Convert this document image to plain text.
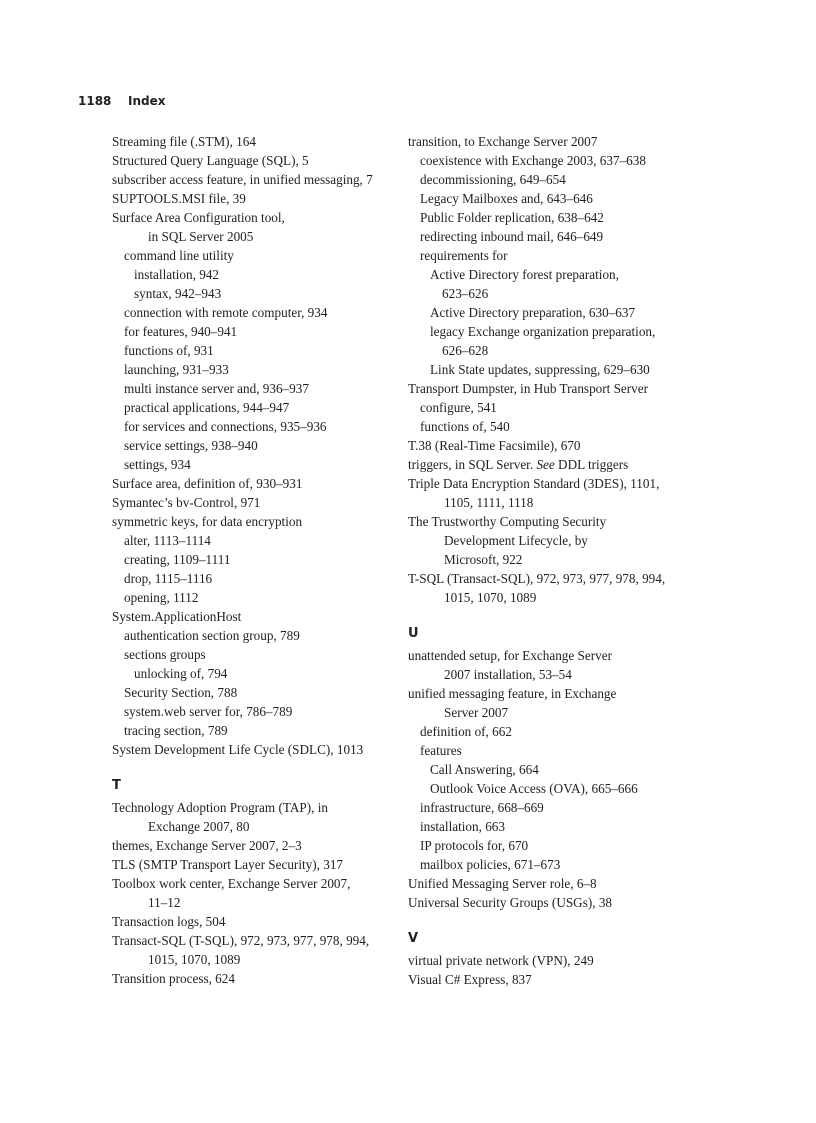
1188 Index
Streaming file (.STM), 164
Structured Query Language (SQL), 5
subscriber access feature, in unified messaging, 7
SUPTOOLS.MSI file, 39
Surface Area Configuration tool,
in SQL Server 2005
command line utility
installation, 942
syntax, 942–943
connection with remote computer, 934
for features, 940–941
functions of, 931
launching, 931–933
multi instance server and, 936–937
practical applications, 944–947
for services and connections, 935–936
service settings, 938–940
settings, 934
Surface area, definition of, 930–931
Symantec’s bv-Control, 971
symmetric keys, for data encryption
alter, 1113–1114
creating, 1109–1111
drop, 1115–1116
opening, 1112
System.ApplicationHost
authentication section group, 789
sections groups
unlocking of, 794
Security Section, 788
system.web server for, 786–789
tracing section, 789
System Development Life Cycle (SDLC), 1013
T
Technology Adoption Program (TAP), in
Exchange 2007, 80
themes, Exchange Server 2007, 2–3
TLS (SMTP Transport Layer Security), 317
Toolbox work center, Exchange Server 2007,
11–12
Transaction logs, 504
Transact-SQL (T-SQL), 972, 973, 977, 978, 994,
1015, 1070, 1089
Transition process, 624
transition, to Exchange Server 2007
coexistence with Exchange 2003, 637–638
decommissioning, 649–654
Legacy Mailboxes and, 643–646
Public Folder replication, 638–642
redirecting inbound mail, 646–649
requirements for
Active Directory forest preparation,
623–626
Active Directory preparation, 630–637
legacy Exchange organization preparation,
626–628
Link State updates, suppressing, 629–630
Transport Dumpster, in Hub Transport Server
configure, 541
functions of, 540
T.38 (Real-Time Facsimile), 670
triggers, in SQL Server. See DDL triggers
Triple Data Encryption Standard (3DES), 1101,
1105, 1111, 1118
The Trustworthy Computing Security
Development Lifecycle, by
Microsoft, 922
T-SQL (Transact-SQL), 972, 973, 977, 978, 994,
1015, 1070, 1089
U
unattended setup, for Exchange Server
2007 installation, 53–54
unified messaging feature, in Exchange
Server 2007
definition of, 662
features
Call Answering, 664
Outlook Voice Access (OVA), 665–666
infrastructure, 668–669
installation, 663
IP protocols for, 670
mailbox policies, 671–673
Unified Messaging Server role, 6–8
Universal Security Groups (USGs), 38
V
virtual private network (VPN), 249
Visual C# Express, 837
